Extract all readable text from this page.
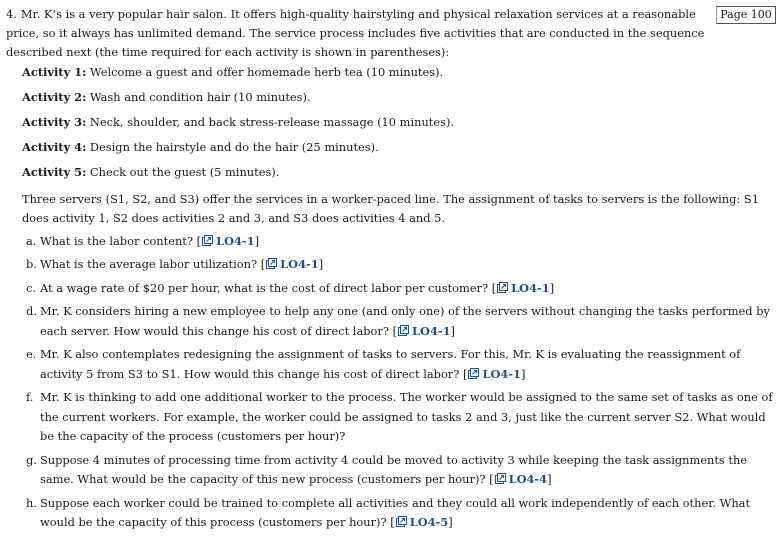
Page 100
4. Mr. K’s is a very popular hair salon. It offers high-quality hairstyling and physical relaxation services at a reasonable price, so it always has unlimited demand. The service process includes five activities that are conducted in the sequence described next (the time required for each activity is shown in parentheses):
Activity 1: Welcome a guest and offer homemade herb tea (10 minutes).
Activity 2: Wash and condition hair (10 minutes).
Activity 3: Neck, shoulder, and back stress-release massage (10 minutes).
Activity 4: Design the hairstyle and do the hair (25 minutes).
Activity 5: Check out the guest (5 minutes).
Three servers (S1, S2, and S3) offer the services in a worker-paced line. The assignment of tasks to servers is the following: S1 does activity 1, S2 does activities 2 and 3, and S3 does activities 4 and 5.
a. What is the labor content? [ LO4-1]
b. What is the average labor utilization? [ LO4-1]
c. At a wage rate of $20 per hour, what is the cost of direct labor per customer? [ LO4-1]
d. Mr. K considers hiring a new employee to help any one (and only one) of the servers without changing the tasks performed by each server. How would this change his cost of direct labor? [ LO4-1]
e. Mr. K also contemplates redesigning the assignment of tasks to servers. For this, Mr. K is evaluating the reassignment of activity 5 from S3 to S1. How would this change his cost of direct labor? [ LO4-1]
f. Mr. K is thinking to add one additional worker to the process. The worker would be assigned to the same set of tasks as one of the current workers. For example, the worker could be assigned to tasks 2 and 3, just like the current server S2. What would be the capacity of the process (customers per hour)?
g. Suppose 4 minutes of processing time from activity 4 could be moved to activity 3 while keeping the task assignments the same. What would be the capacity of this new process (customers per hour)? [ LO4-4]
h. Suppose each worker could be trained to complete all activities and they could all work independently of each other. What would be the capacity of this process (customers per hour)? [ LO4-5]
